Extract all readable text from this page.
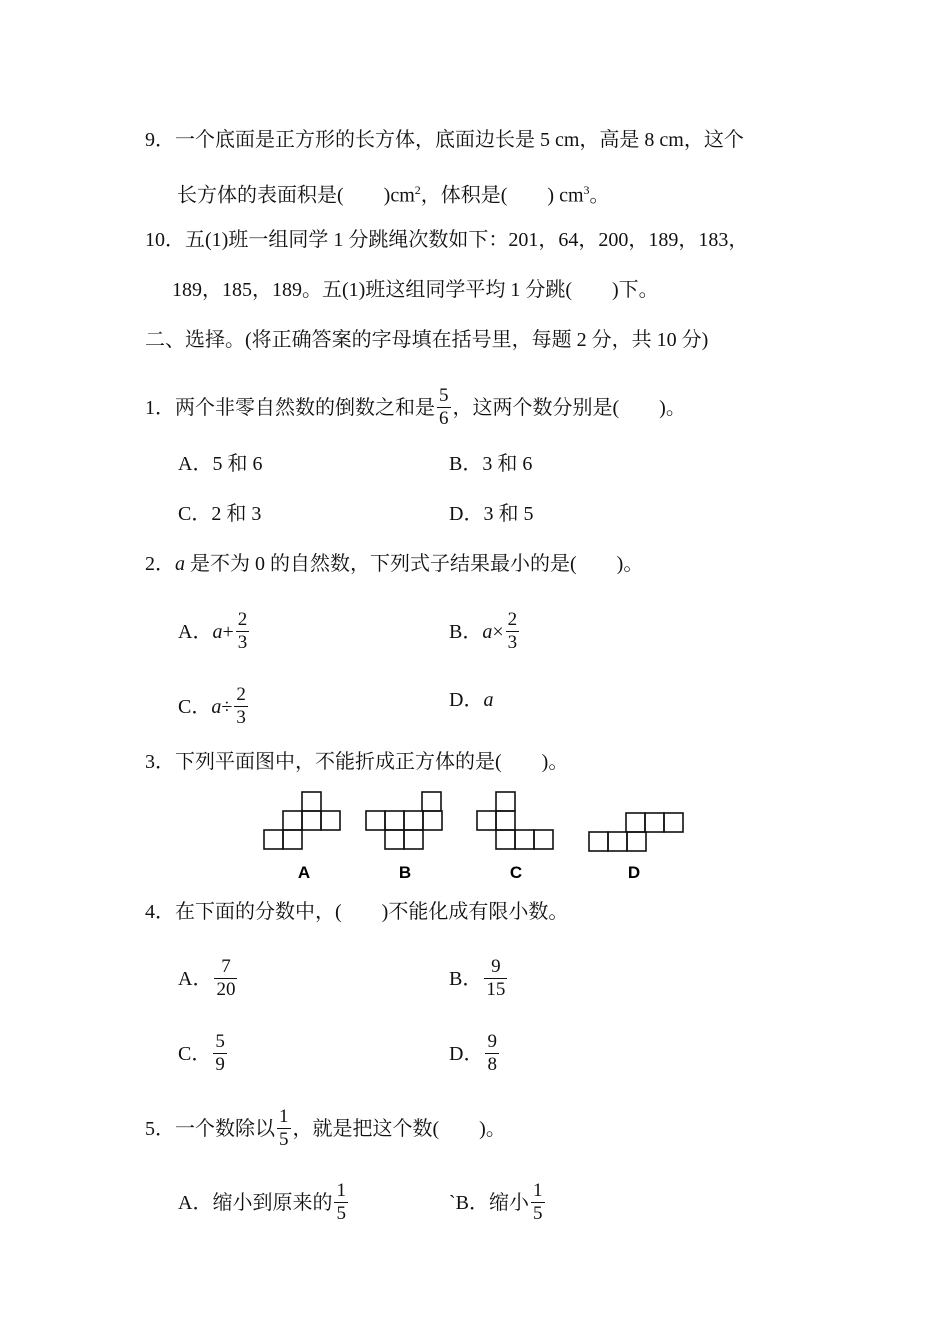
9．一个底面是正方形的长方体，底面边长是 5 cm，高是 8 cm，这个
长方体的表面积是(　　)$cm^2$，体积是(　　) $cm^3$。
10．五(1)班一组同学 1 分跳绳次数如下：201，64，200，189，183，
189，185，189。五(1)班这组同学平均 1 分跳(　　)下。
二、选择。(将正确答案的字母填在括号里，每题 2 分，共 10 分)
1．两个非零自然数的倒数之和是 $\frac{5}{6}$ ，这两个数分别是(　　)。
A．5 和 6	B．3 和 6
C．2 和 3	D．3 和 5
2．a 是不为 0 的自然数，下列式子结果最小的是(　　)。
A．$a+ \frac{2}{3}$	B．$a\times \frac{2}{3}$
C．$a\div \frac{2}{3}$	D．a
3．下列平面图中，不能折成正方体的是(　　)。
A	B	C	D
4．在下面的分数中，(　　)不能化成有限小数。
A． $\frac{7}{20}$	B． $\frac{9}{15}$
C． $\frac{5}{9}$	D． $\frac{9}{8}$
5．一个数除以 $\frac{1}{5}$ ，就是把这个数(　　)。
A．缩小到原来的 $\frac{1}{5}$	`B．缩小 $\frac{1}{5}$
